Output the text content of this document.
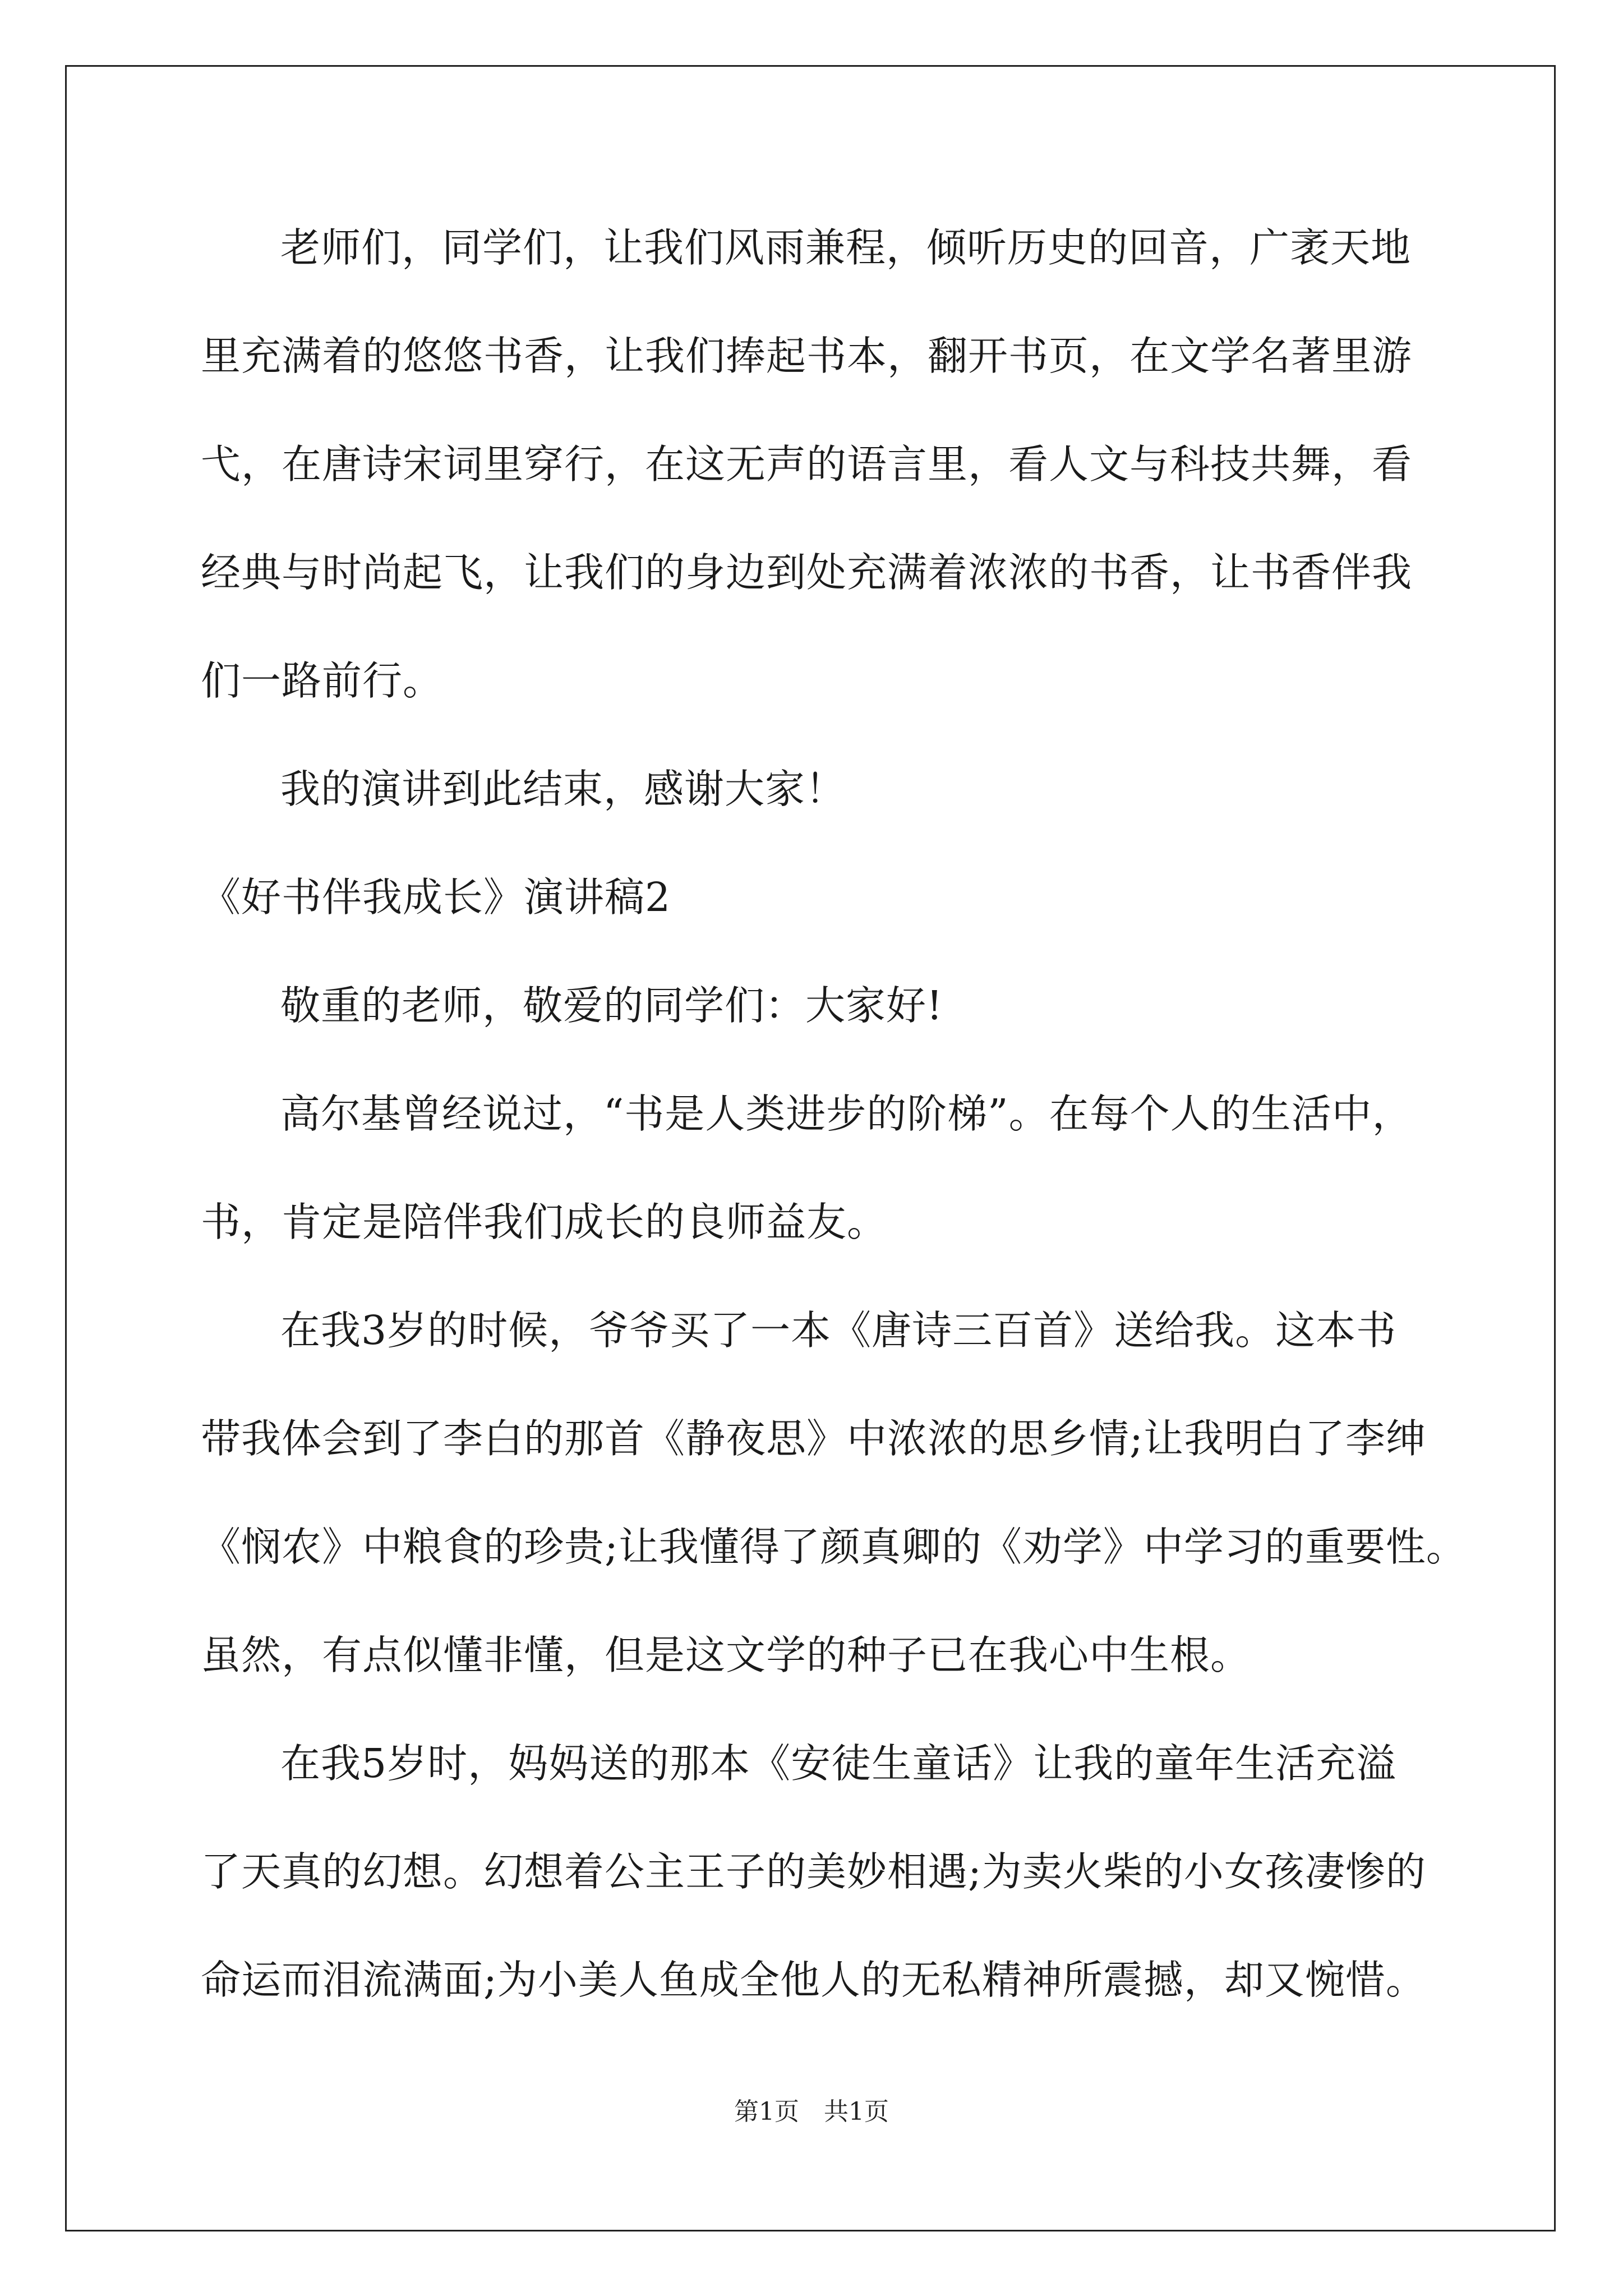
老师们，同学们，让我们风雨兼程，倾听历史的回音，广袤天地
里充满着的悠悠书香，让我们捧起书本，翻开书页，在文学名著里游
弋，在唐诗宋词里穿行，在这无声的语言里，看人文与科技共舞，看
经典与时尚起飞，让我们的身边到处充满着浓浓的书香，让书香伴我
们一路前行。
我的演讲到此结束，感谢大家！
《好书伴我成长》演讲稿2
敬重的老师，敬爱的同学们：大家好!
高尔基曾经说过，“书是人类进步的阶梯”。在每个人的生活中，
书，肯定是陪伴我们成长的良师益友。
在我3岁的时候，爷爷买了一本《唐诗三百首》送给我。这本书
带我体会到了李白的那首《静夜思》中浓浓的思乡情;让我明白了李绅
《悯农》中粮食的珍贵;让我懂得了颜真卿的《劝学》中学习的重要性。
虽然，有点似懂非懂，但是这文学的种子已在我心中生根。
在我5岁时，妈妈送的那本《安徒生童话》让我的童年生活充溢
了天真的幻想。幻想着公主王子的美妙相遇;为卖火柴的小女孩凄惨的
命运而泪流满面;为小美人鱼成全他人的无私精神所震撼，却又惋惜。
第1页　共1页
